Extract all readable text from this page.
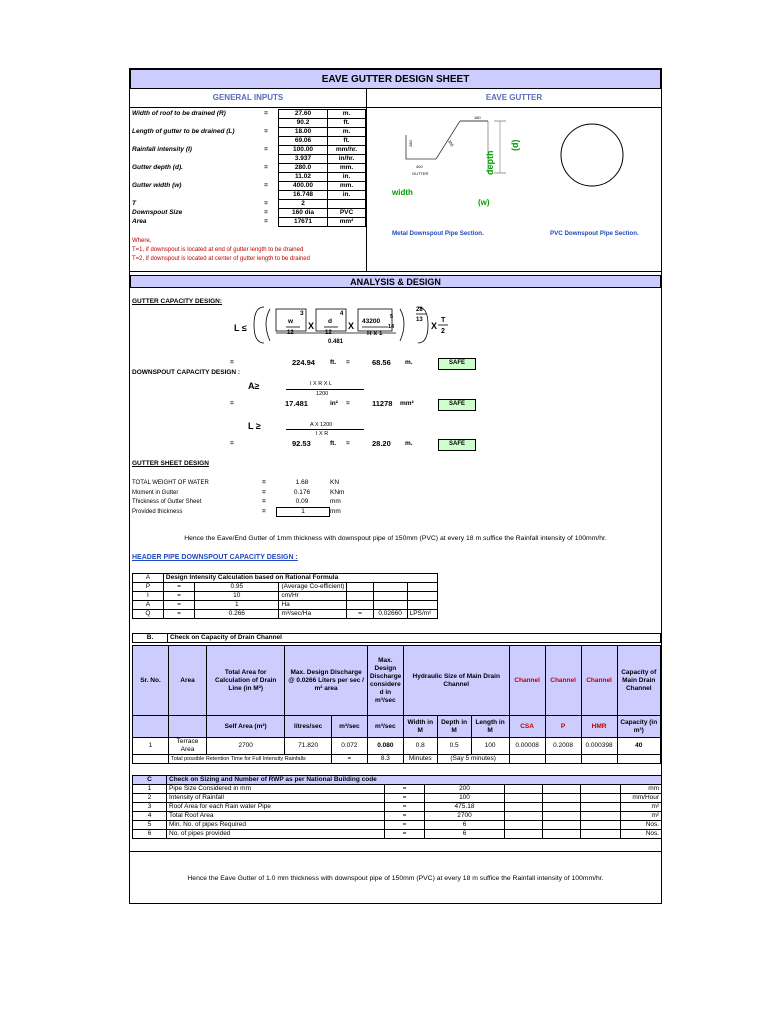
EAVE GUTTER DESIGN SHEET
GENERAL INPUTS	EAVE GUTTER
Width of roof to be drained (R)	=	27.60	m.
		90.2	ft.
Length of gutter to be drained (L)	=	18.00	m.
		69.06	ft.
Rainfall intensity (I)	=	100.00	mm/hr.
		3.937	in/hr.
Gutter depth (d).	=	280.0	mm.
		11.02	in.
Gutter width (w)	=	400.00	mm.
		16.748	in.
T	=	2	
Downspout Size	=	160 dia	PVC
Area	=	17671	mm²
Where,
T=1, if downspout is located at end of gutter length to be drained
T=2, if downspout is located at center of gutter length to be drained
180
280	300
400
GUTTER	depth
(d)
width
(w)
Metal Downspout Pipe Section.	PVC Downspout Pipe Section.
ANALYSIS & DESIGN
GUTTER CAPACITY DESIGN:
L ≤
w
3
12
X d
4
12
X 43200
5
14
R x 1
28
13
0.481
X
T
2
=	224.94 ft. =	68.56 m.	SAFE
DOWNSPOUT CAPACITY DESIGN :
A≥	I X R X L
1200
=	17.481	in² =	11278 mm²	SAFE
L ≥	A X 1200
I X R
=	92.53	ft. =	28.20 m.	SAFE
GUTTER SHEET DESIGN
TOTAL WEIGHT OF WATER	=	1.68	KN
Moment in Gutter	=	0.176	KNm
Thickness of Gutter Sheet	=	0.09	mm
Provided thickness	=	1	mm
Hence the Eave/End Gutter of 1mm thickness with downspout pipe of 150mm (PVC) at every 18 m suffice the Rainfall intensity of 100mm/hr.
HEADER PIPE DOWNSPOUT CAPACITY DESIGN :
A	Design Intensity Calculation based on Rational Formula					
P	=	0.95	(Average Co-efficient)			
I	=	10	cm/Hr			
A	=	1	Ha			
Q	=	0.266	m³/sec/Ha	=	0.02660	LPS/m²
B.	Check on Capacity of Drain Channel
Sr. No.	Area	Total Area for Calculation of Drain Line (in M²)	Max. Design Discharge @ 0.0266 Liters per sec / m² area		Max. Design Discharge considere d in m³/sec	Hydraulic Size of Main Drain Channel			Channel	Channel	Channel	Capacity of Main Drain Channel
		Self Area (m²)	litres/sec	m³/sec	m³/sec	Width in M	Depth in M	Length in M	CSA	P	HMR	Capacity (in m³)
1	Terrace Area	2700	71.820	0.072	0.080	0.8	0.5	100	0.00008	0.2008	0.000398	40
	Total possible Retention Time for Full Intensity Rainfalls			=	8.3	Minutes	(Say 5 minutes)					
C	Check on Sizing and Number of RWP as per National Building code						
1	Pipe Size Considered in mm	=	200				mm
2	Intensity of Rainfall	=	100				mm/Hour
3	Roof Area for each Rain water Pipe	=	475.18				m²
4	Total Roof Area	=	2700				m²
5	Min. No. of pipes Required	=	6				Nos.
6	No. of pipes provided	=	6				Nos.
Hence the Eave Gutter of 1.0 mm thickness with downspout pipe of 150mm (PVC) at every 18 m suffice the Rainfall intensity of 100mm/hr.
